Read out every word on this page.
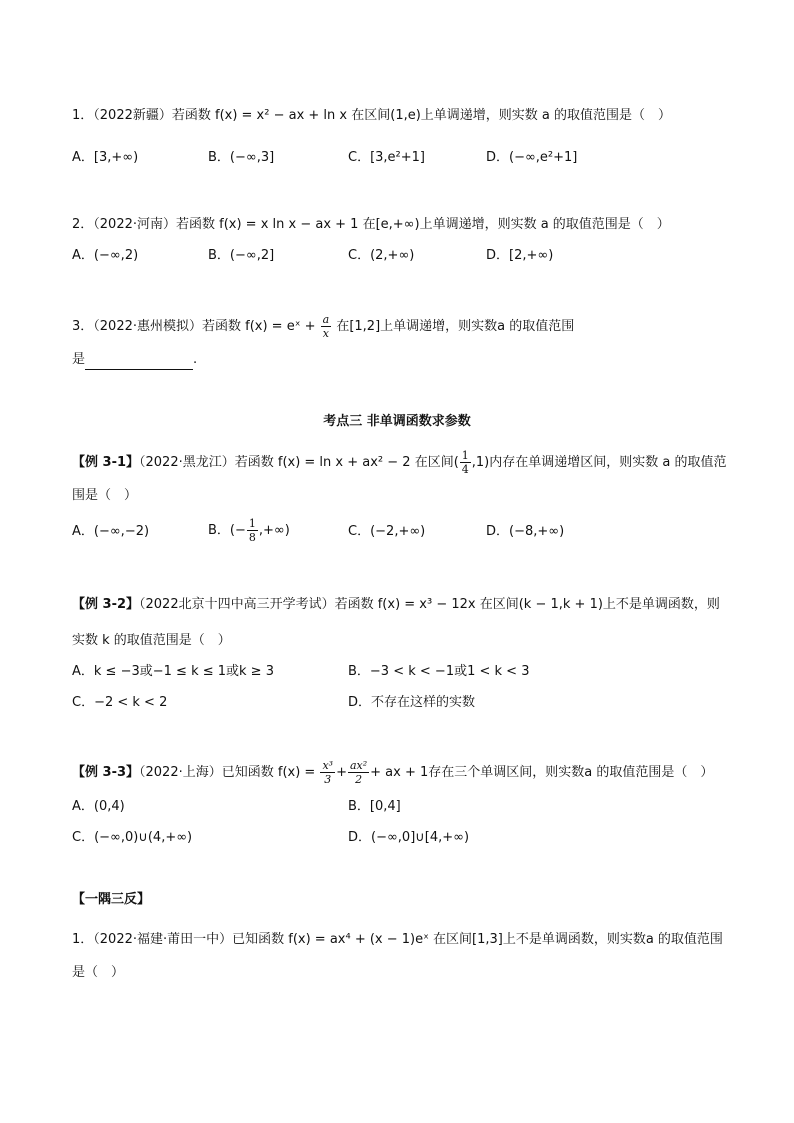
1．（2022新疆）若函数 f(x) = x² − ax + ln x 在区间(1,e)上单调递增，则实数 a 的取值范围是（　）
A．[3,+∞)	B．(−∞,3]	C．[3,e²+1]	D．(−∞,e²+1]
2．（2022·河南）若函数 f(x) = x ln x − ax + 1 在[e,+∞)上单调递增，则实数 a 的取值范围是（　）
A．(−∞,2)	B．(−∞,2]	C．(2,+∞)	D．[2,+∞)
3．（2022·惠州模拟）若函数 f(x) = eˣ + $\frac{a}{x}$ 在[1,2]上单调递增，则实数a 的取值范围
是	.
考点三 非单调函数求参数
【例 3-1】（2022·黑龙江）若函数 f(x) = ln x + ax² − 2 在区间( $\frac{1}{4} ,1$)内存在单调递增区间，则实数 a 的取值范
围是（　）
A．(−∞,−2)	B．(− $\frac{1}{8}$ ,+∞)	C．(−2,+∞)	D．(−8,+∞)
【例 3-2】（2022北京十四中高三开学考试）若函数 f(x) = x³ − 12x 在区间(k − 1,k + 1)上不是单调函数，则
实数 k 的取值范围是（　）
A．k ≤ −3或−1 ≤ k ≤ 1或k ≥ 3	B．−3 < k < −1或1 < k < 3
C．−2 < k < 2	D．不存在这样的实数
【例 3-3】（2022·上海）已知函数 $f(x) = \frac{\text{x³}}{3} + \frac{\text{ax²}}{2}$ + ax + 1存在三个单调区间，则实数a 的取值范围是（　）
A．(0,4)	B．[0,4]
C．(−∞,0)∪(4,+∞)	D．(−∞,0]∪[4,+∞)
【一隅三反】
1．（2022·福建·莆田一中）已知函数 f(x) = ax⁴ + (x − 1)eˣ 在区间[1,3]上不是单调函数，则实数a 的取值范围
是（　）
